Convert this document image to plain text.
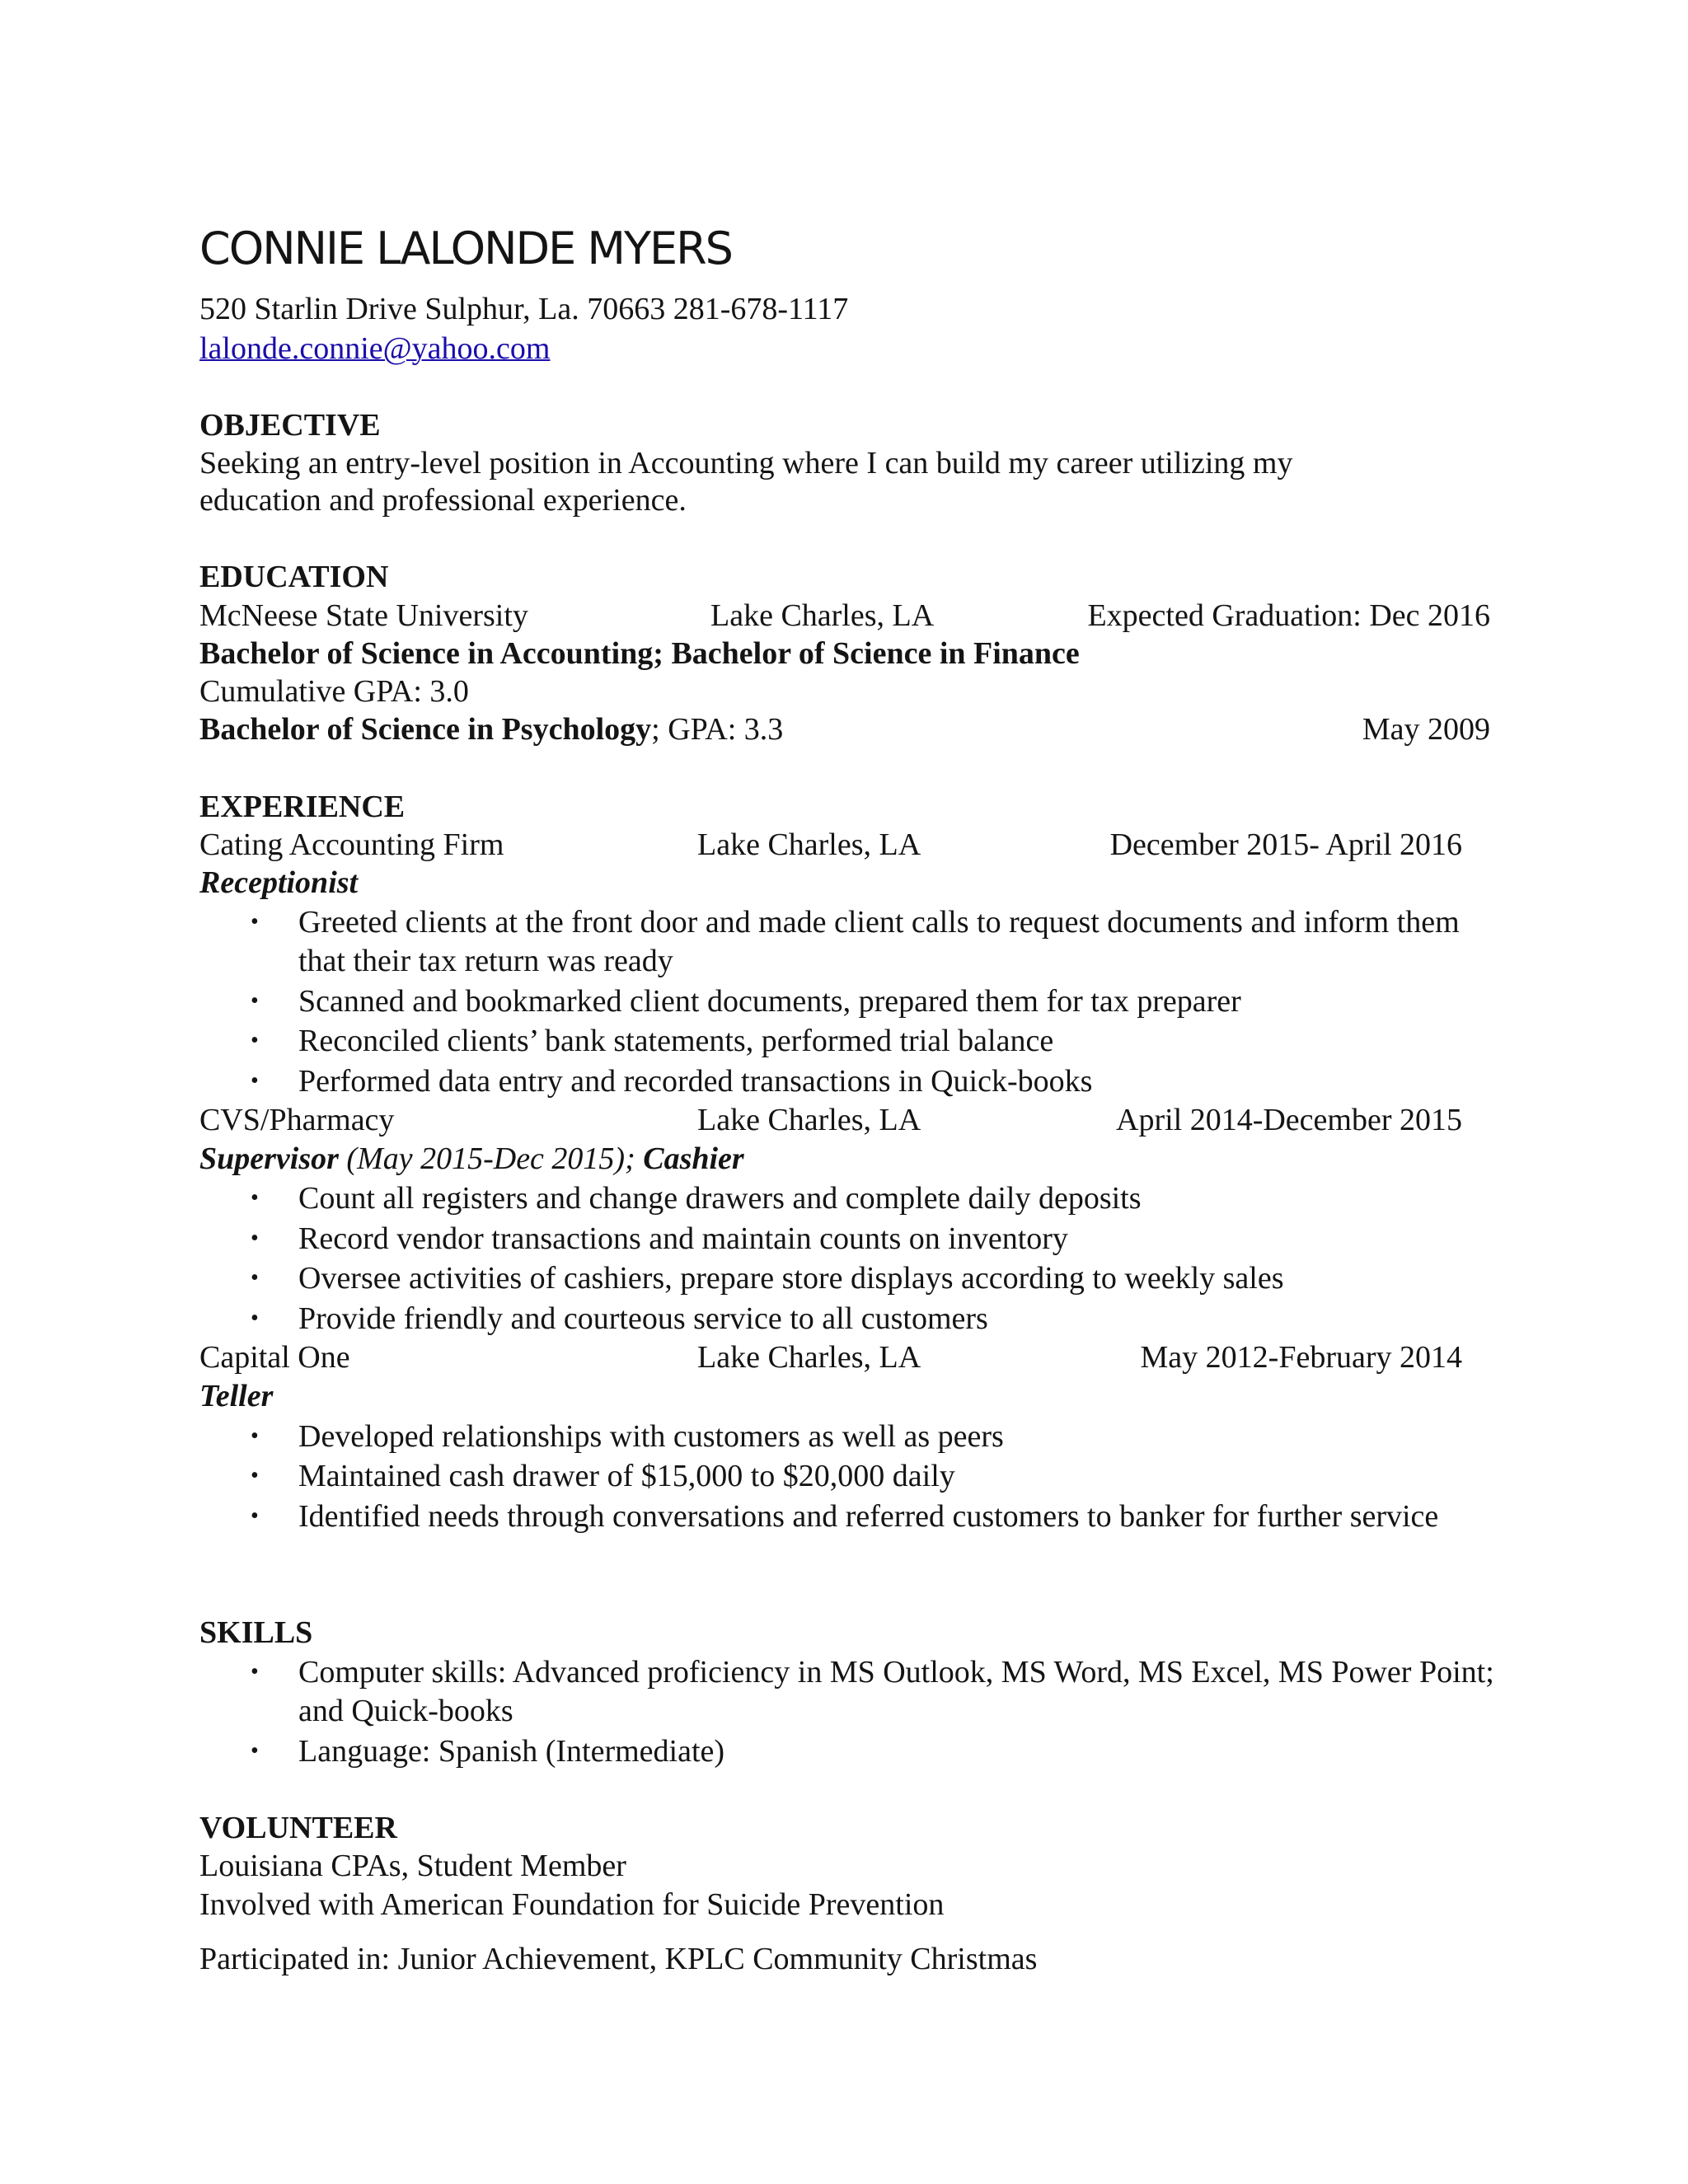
CONNIE LALONDE MYERS
520 Starlin Drive Sulphur, La. 70663 281-678-1117
lalonde.connie@yahoo.com
OBJECTIVE
Seeking an entry-level position in Accounting where I can build my career utilizing my
education and professional experience.
EDUCATION
McNeese State University	Lake Charles, LA	Expected Graduation: Dec 2016
Bachelor of Science in Accounting; Bachelor of Science in Finance
Cumulative GPA: 3.0
Bachelor of Science in Psychology; GPA: 3.3	May 2009
EXPERIENCE
Cating Accounting Firm	Lake Charles, LA	December 2015- April 2016
Receptionist
• Greeted clients at the front door and made client calls to request documents and inform them that their tax return was ready
• Scanned and bookmarked client documents, prepared them for tax preparer
• Reconciled clients’ bank statements, performed trial balance
• Performed data entry and recorded transactions in Quick-books
CVS/Pharmacy	Lake Charles, LA	April 2014-December 2015
Supervisor (May 2015-Dec 2015); Cashier
• Count all registers and change drawers and complete daily deposits
• Record vendor transactions and maintain counts on inventory
• Oversee activities of cashiers, prepare store displays according to weekly sales
• Provide friendly and courteous service to all customers
Capital One	Lake Charles, LA	May 2012-February 2014
Teller
• Developed relationships with customers as well as peers
• Maintained cash drawer of $15,000 to $20,000 daily
• Identified needs through conversations and referred customers to banker for further service
SKILLS
• Computer skills: Advanced proficiency in MS Outlook, MS Word, MS Excel, MS Power Point; and Quick-books
• Language: Spanish (Intermediate)
VOLUNTEER
Louisiana CPAs, Student Member
Involved with American Foundation for Suicide Prevention
Participated in: Junior Achievement, KPLC Community Christmas
